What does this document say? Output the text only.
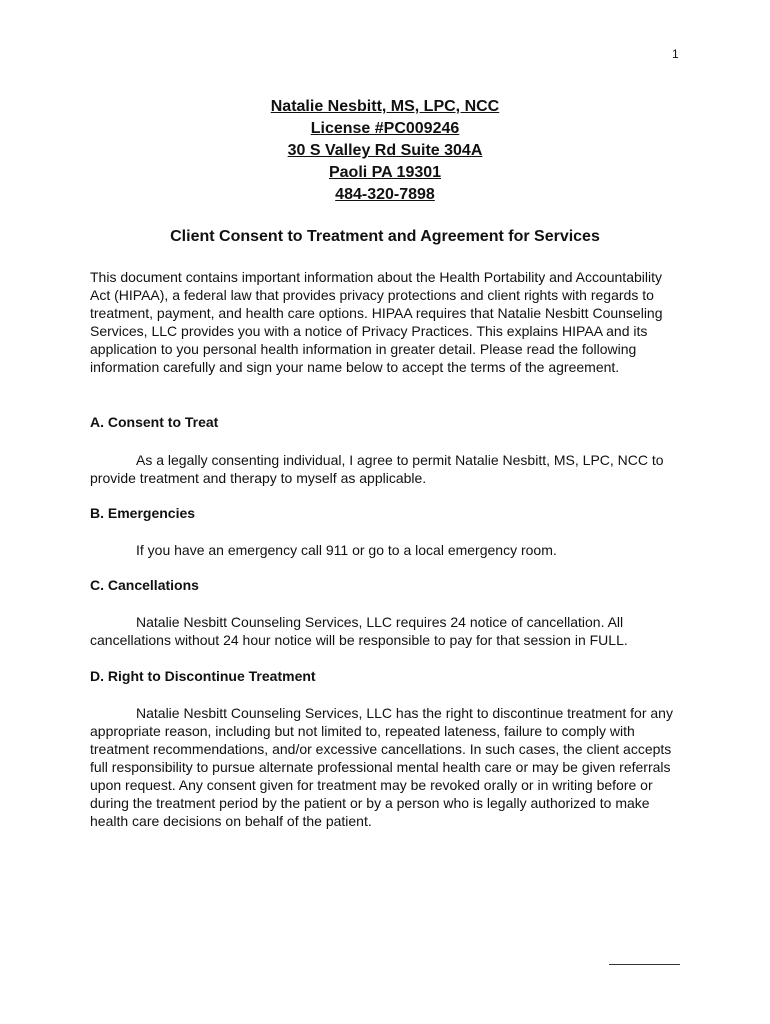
1
Natalie Nesbitt, MS, LPC, NCC
License #PC009246
30 S Valley Rd Suite 304A
Paoli PA 19301
484-320-7898
Client Consent to Treatment and Agreement for Services

This document contains important information about the Health Portability and Accountability Act (HIPAA), a federal law that provides privacy protections and client rights with regards to treatment, payment, and health care options. HIPAA requires that Natalie Nesbitt Counseling Services, LLC provides you with a notice of Privacy Practices. This explains HIPAA and its application to you personal health information in greater detail. Please read the following information carefully and sign your name below to accept the terms of the agreement.

A. Consent to Treat

As a legally consenting individual, I agree to permit Natalie Nesbitt, MS, LPC, NCC to provide treatment and therapy to myself as applicable.

B. Emergencies

If you have an emergency call 911 or go to a local emergency room.

C. Cancellations

Natalie Nesbitt Counseling Services, LLC requires 24 notice of cancellation. All cancellations without 24 hour notice will be responsible to pay for that session in FULL.

D. Right to Discontinue Treatment

Natalie Nesbitt Counseling Services, LLC has the right to discontinue treatment for any appropriate reason, including but not limited to, repeated lateness, failure to comply with treatment recommendations, and/or excessive cancellations. In such cases, the client accepts full responsibility to pursue alternate professional mental health care or may be given referrals upon request. Any consent given for treatment may be revoked orally or in writing before or during the treatment period by the patient or by a person who is legally authorized to make health care decisions on behalf of the patient.
